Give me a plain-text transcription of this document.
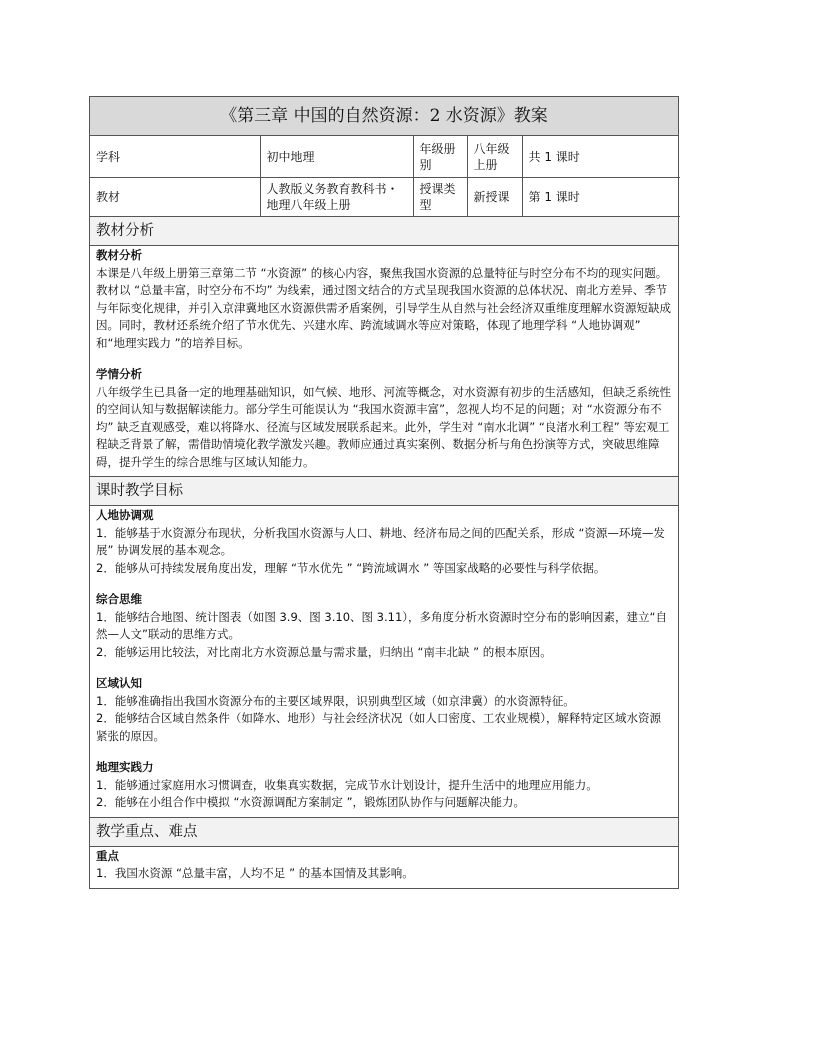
《第三章 中国的自然资源：2 水资源》教案
学科	初中地理	年级册别	八年级上册	共 1 课时
教材	人教版义务教育教科书・地理八年级上册	授课类型	新授课	第 1 课时
教材分析
教材分析

本课是八年级上册第三章第二节 “水资源” 的核心内容，聚焦我国水资源的总量特征与时空分布不均的现实问题。教材以 “总量丰富，时空分布不均” 为线索，通过图文结合的方式呈现我国水资源的总体状况、南北方差异、季节与年际变化规律，并引入京津冀地区水资源供需矛盾案例，引导学生从自然与社会经济双重维度理解水资源短缺成因。同时，教材还系统介绍了节水优先、兴建水库、跨流域调水等应对策略，体现了地理学科 “人地协调观” 和“地理实践力 ”的培养目标。

学情分析

八年级学生已具备一定的地理基础知识，如气候、地形、河流等概念，对水资源有初步的生活感知，但缺乏系统性的空间认知与数据解读能力。部分学生可能误认为 “我国水资源丰富”，忽视人均不足的问题；对 “水资源分布不均” 缺乏直观感受，难以将降水、径流与区域发展联系起来。此外，学生对 “南水北调” “良渚水利工程” 等宏观工程缺乏背景了解，需借助情境化教学激发兴趣。教师应通过真实案例、数据分析与角色扮演等方式，突破思维障碍，提升学生的综合思维与区域认知能力。

课时教学目标
人地协调观

1．能够基于水资源分布现状，分析我国水资源与人口、耕地、经济布局之间的匹配关系，形成 “资源—环境—发展” 协调发展的基本观念。

2．能够从可持续发展角度出发，理解 “节水优先 ” “跨流域调水 ” 等国家战略的必要性与科学依据。

综合思维

1．能够结合地图、统计图表（如图 3.9、图 3.10、图 3.11），多角度分析水资源时空分布的影响因素，建立“自然—人文”联动的思维方式。

2．能够运用比较法，对比南北方水资源总量与需求量，归纳出 “南丰北缺 ” 的根本原因。

区域认知

1．能够准确指出我国水资源分布的主要区域界限，识别典型区域（如京津冀）的水资源特征。

2．能够结合区域自然条件（如降水、地形）与社会经济状况（如人口密度、工农业规模），解释特定区域水资源紧张的原因。

地理实践力

1．能够通过家庭用水习惯调查，收集真实数据，完成节水计划设计，提升生活中的地理应用能力。

2．能够在小组合作中模拟 “水资源调配方案制定 ”，锻炼团队协作与问题解决能力。

教学重点、难点
重点

1．我国水资源 “总量丰富，人均不足 ” 的基本国情及其影响。
